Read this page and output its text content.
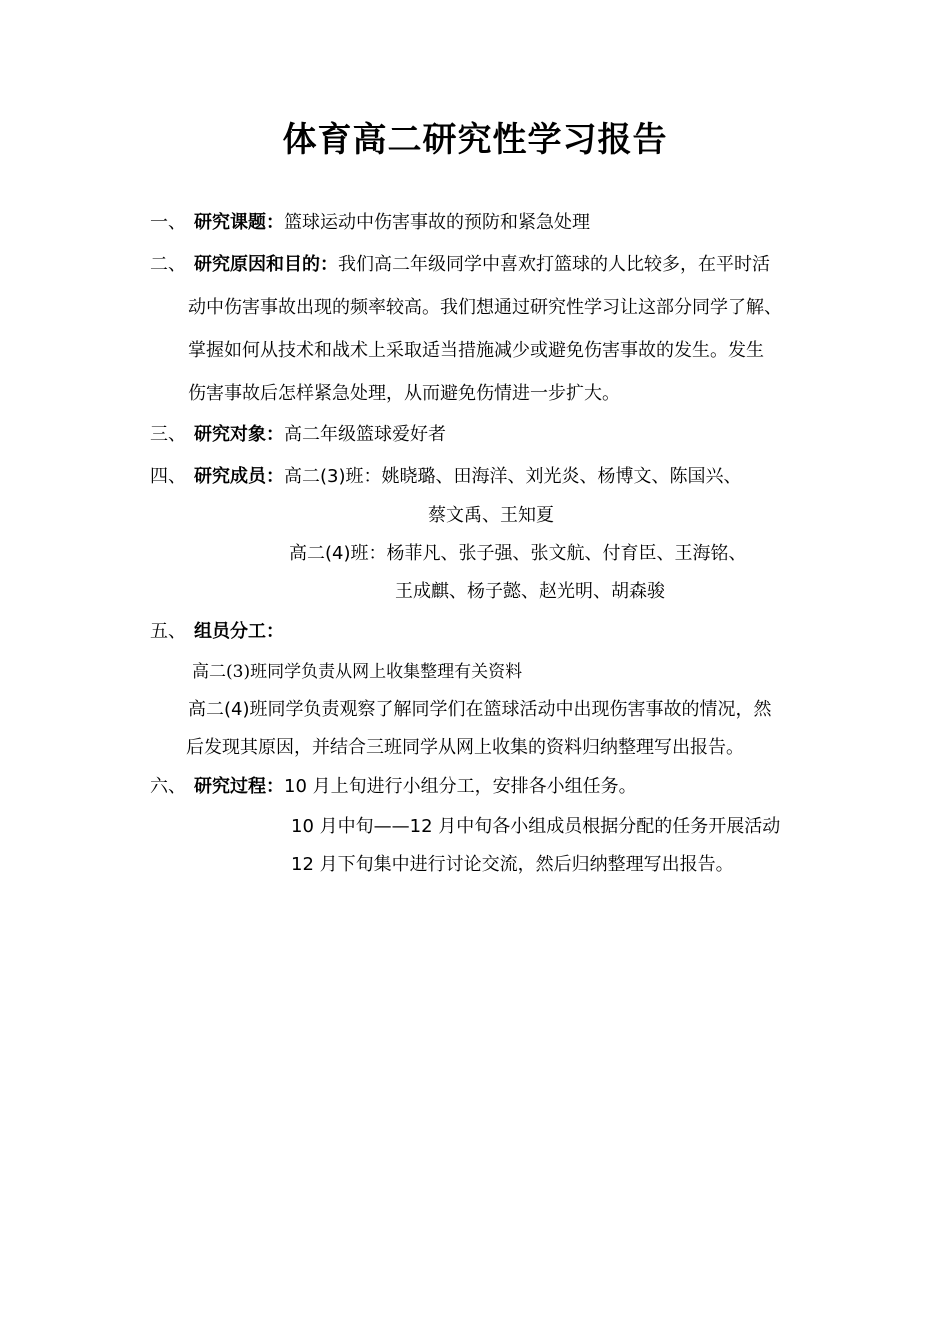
体育高二研究性学习报告
一、 研究课题：篮球运动中伤害事故的预防和紧急处理
二、 研究原因和目的：我们高二年级同学中喜欢打篮球的人比较多，在平时活
动中伤害事故出现的频率较高。我们想通过研究性学习让这部分同学了解、
掌握如何从技术和战术上采取适当措施减少或避免伤害事故的发生。发生
伤害事故后怎样紧急处理，从而避免伤情进一步扩大。
三、 研究对象：高二年级篮球爱好者
四、 研究成员：高二(3)班：姚晓璐、田海洋、刘光炎、杨博文、陈国兴、
蔡文禹、王知夏
高二(4)班：杨菲凡、张子强、张文航、付育臣、王海铭、
王成麒、杨子懿、赵光明、胡森骏
五、 组员分工：
高二(3)班同学负责从网上收集整理有关资料
高二(4)班同学负责观察了解同学们在篮球活动中出现伤害事故的情况，然
后发现其原因，并结合三班同学从网上收集的资料归纳整理写出报告。
六、 研究过程：10 月上旬进行小组分工，安排各小组任务。
10 月中旬——12 月中旬各小组成员根据分配的任务开展活动
12 月下旬集中进行讨论交流，然后归纳整理写出报告。
